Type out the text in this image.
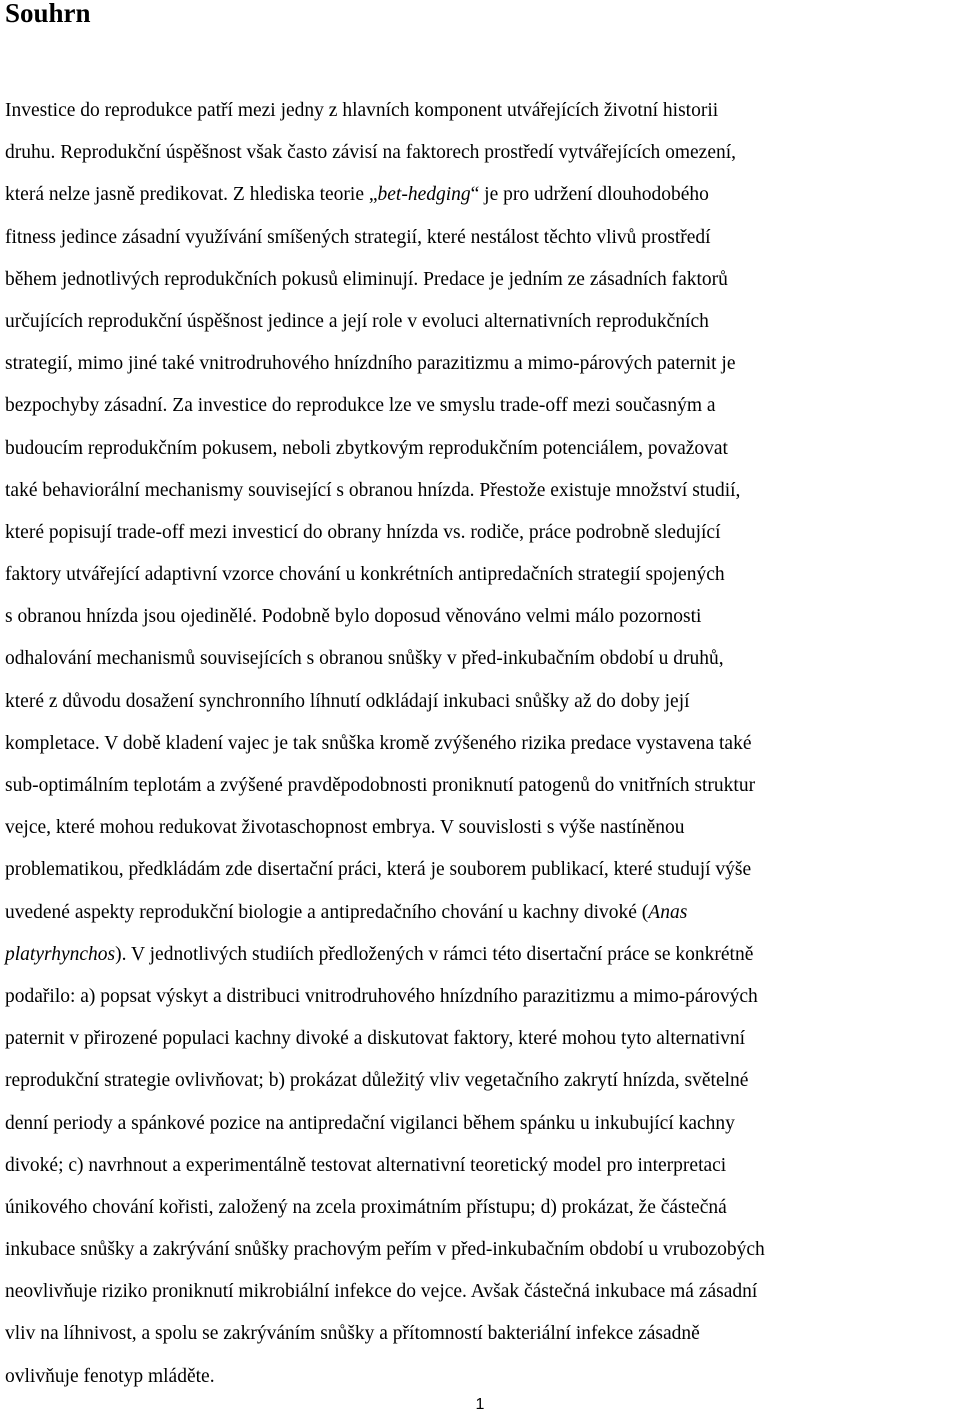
Souhrn
Investice do reprodukce patří mezi jedny z hlavních komponent utvářejících životní historii
druhu. Reprodukční úspěšnost však často závisí na faktorech prostředí vytvářejících omezení,
která nelze jasně predikovat. Z hlediska teorie „bet-hedging“ je pro udržení dlouhodobého
fitness jedince zásadní využívání smíšených strategií, které nestálost těchto vlivů prostředí
během jednotlivých reprodukčních pokusů eliminují. Predace je jedním ze zásadních faktorů
určujících reprodukční úspěšnost jedince a její role v evoluci alternativních reprodukčních
strategií, mimo jiné také vnitrodruhového hnízdního parazitizmu a mimo-párových paternit je
bezpochyby zásadní. Za investice do reprodukce lze ve smyslu trade-off mezi současným a
budoucím reprodukčním pokusem, neboli zbytkovým reprodukčním potenciálem, považovat
také behaviorální mechanismy související s obranou hnízda. Přestože existuje množství studií,
které popisují trade-off mezi investicí do obrany hnízda vs. rodiče, práce podrobně sledující
faktory utvářející adaptivní vzorce chování u konkrétních antipredačních strategií spojených
s obranou hnízda jsou ojedinělé. Podobně bylo doposud věnováno velmi málo pozornosti
odhalování mechanismů souvisejících s obranou snůšky v před-inkubačním období u druhů,
které z důvodu dosažení synchronního líhnutí odkládají inkubaci snůšky až do doby její
kompletace. V době kladení vajec je tak snůška kromě zvýšeného rizika predace vystavena také
sub-optimálním teplotám a zvýšené pravděpodobnosti proniknutí patogenů do vnitřních struktur
vejce, které mohou redukovat životaschopnost embrya. V souvislosti s výše nastíněnou
problematikou, předkládám zde disertační práci, která je souborem publikací, které studují výše
uvedené aspekty reprodukční biologie a antipredačního chování u kachny divoké (Anas
platyrhynchos). V jednotlivých studiích předložených v rámci této disertační práce se konkrétně
podařilo: a) popsat výskyt a distribuci vnitrodruhového hnízdního parazitizmu a mimo-párových
paternit v přirozené populaci kachny divoké a diskutovat faktory, které mohou tyto alternativní
reprodukční strategie ovlivňovat; b) prokázat důležitý vliv vegetačního zakrytí hnízda, světelné
denní periody a spánkové pozice na antipredační vigilanci během spánku u inkubující kachny
divoké; c) navrhnout a experimentálně testovat alternativní teoretický model pro interpretaci
únikového chování kořisti, založený na zcela proximátním přístupu; d) prokázat, že částečná
inkubace snůšky a zakrývání snůšky prachovým peřím v před-inkubačním období u vrubozobých
neovlivňuje riziko proniknutí mikrobiální infekce do vejce. Avšak částečná inkubace má zásadní
vliv na líhnivost, a spolu se zakrýváním snůšky a přítomností bakteriální infekce zásadně
ovlivňuje fenotyp mláděte.
1
